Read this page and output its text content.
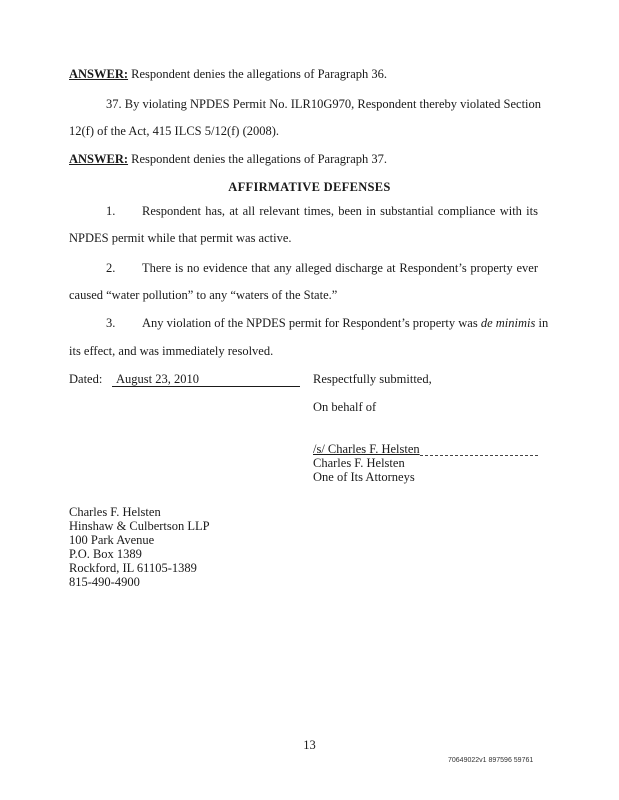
ANSWER: Respondent denies the allegations of Paragraph 36.
37. By violating NPDES Permit No. ILR10G970, Respondent thereby violated Section
12(f) of the Act, 415 ILCS 5/12(f) (2008).
ANSWER: Respondent denies the allegations of Paragraph 37.
AFFIRMATIVE DEFENSES
1. Respondent has, at all relevant times, been in substantial compliance with its
NPDES permit while that permit was active.
2. There is no evidence that any alleged discharge at Respondent’s property ever
caused “water pollution” to any “waters of the State.”
3. Any violation of the NPDES permit for Respondent’s property was de minimis in
its effect, and was immediately resolved.
Dated: August 23, 2010	Respectfully submitted,
On behalf of
/s/ Charles F. Helsten
Charles F. Helsten
One of Its Attorneys
Charles F. Helsten
Hinshaw & Culbertson LLP
100 Park Avenue
P.O. Box 1389
Rockford, IL 61105-1389
815-490-4900
13
70649022v1 897596 59761
